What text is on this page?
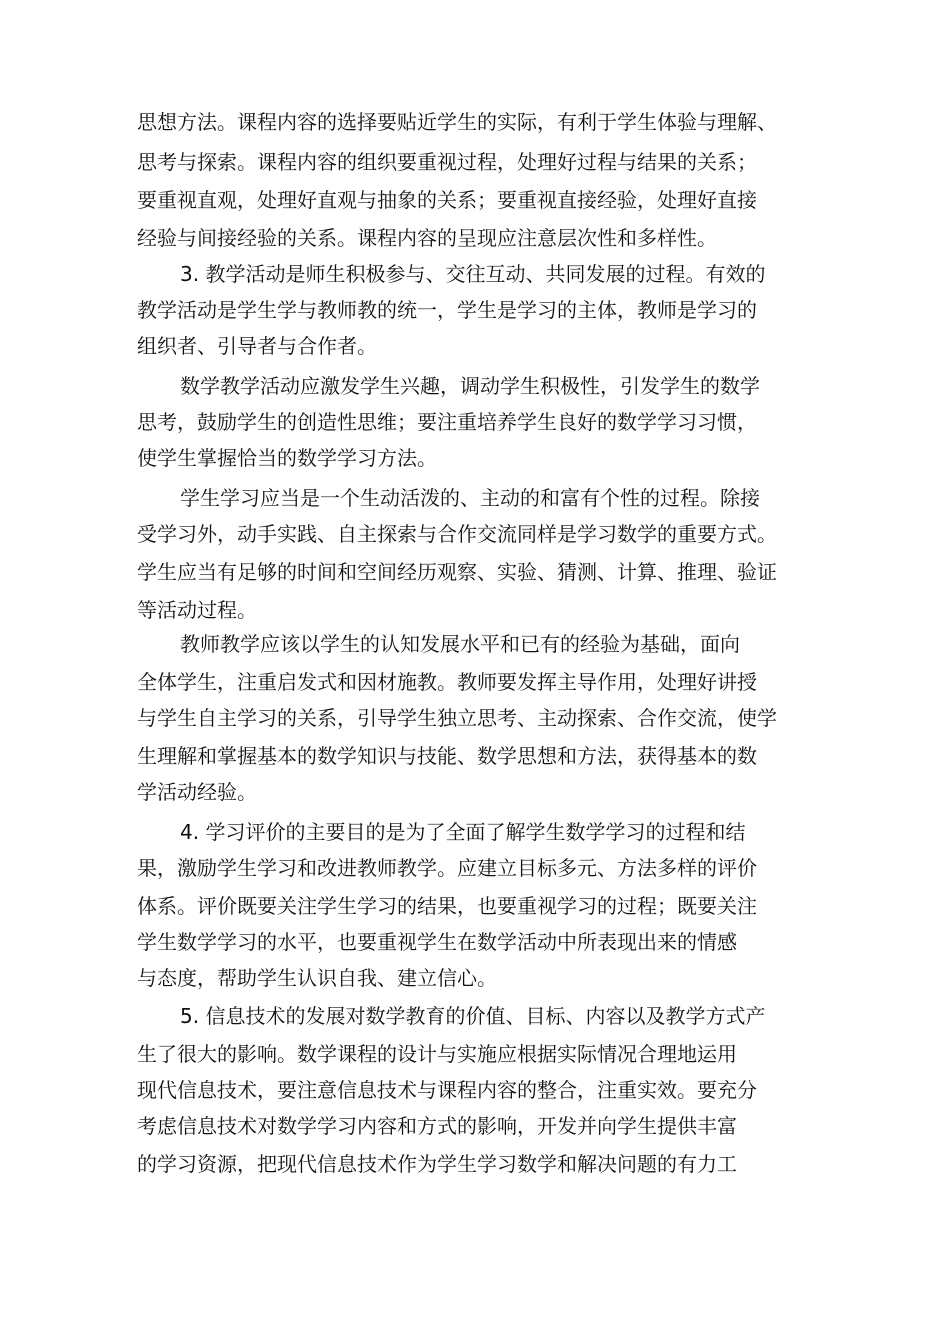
思想方法。课程内容的选择要贴近学生的实际，有利于学生体验与理解、
思考与探索。课程内容的组织要重视过程，处理好过程与结果的关系；
要重视直观，处理好直观与抽象的关系；要重视直接经验，处理好直接
经验与间接经验的关系。课程内容的呈现应注意层次性和多样性。
3. 教学活动是师生积极参与、交往互动、共同发展的过程。有效的
教学活动是学生学与教师教的统一，学生是学习的主体，教师是学习的
组织者、引导者与合作者。
数学教学活动应激发学生兴趣，调动学生积极性，引发学生的数学
思考，鼓励学生的创造性思维；要注重培养学生良好的数学学习习惯，
使学生掌握恰当的数学学习方法。
学生学习应当是一个生动活泼的、主动的和富有个性的过程。除接
受学习外，动手实践、自主探索与合作交流同样是学习数学的重要方式。
学生应当有足够的时间和空间经历观察、实验、猜测、计算、推理、验证
等活动过程。
教师教学应该以学生的认知发展水平和已有的经验为基础，面向
全体学生，注重启发式和因材施教。教师要发挥主导作用，处理好讲授
与学生自主学习的关系，引导学生独立思考、主动探索、合作交流，使学
生理解和掌握基本的数学知识与技能、数学思想和方法，获得基本的数
学活动经验。
4. 学习评价的主要目的是为了全面了解学生数学学习的过程和结
果，激励学生学习和改进教师教学。应建立目标多元、方法多样的评价
体系。评价既要关注学生学习的结果，也要重视学习的过程；既要关注
学生数学学习的水平，也要重视学生在数学活动中所表现出来的情感
与态度，帮助学生认识自我、建立信心。
5. 信息技术的发展对数学教育的价值、目标、内容以及教学方式产
生了很大的影响。数学课程的设计与实施应根据实际情况合理地运用
现代信息技术，要注意信息技术与课程内容的整合，注重实效。要充分
考虑信息技术对数学学习内容和方式的影响，开发并向学生提供丰富
的学习资源，把现代信息技术作为学生学习数学和解决问题的有力工
